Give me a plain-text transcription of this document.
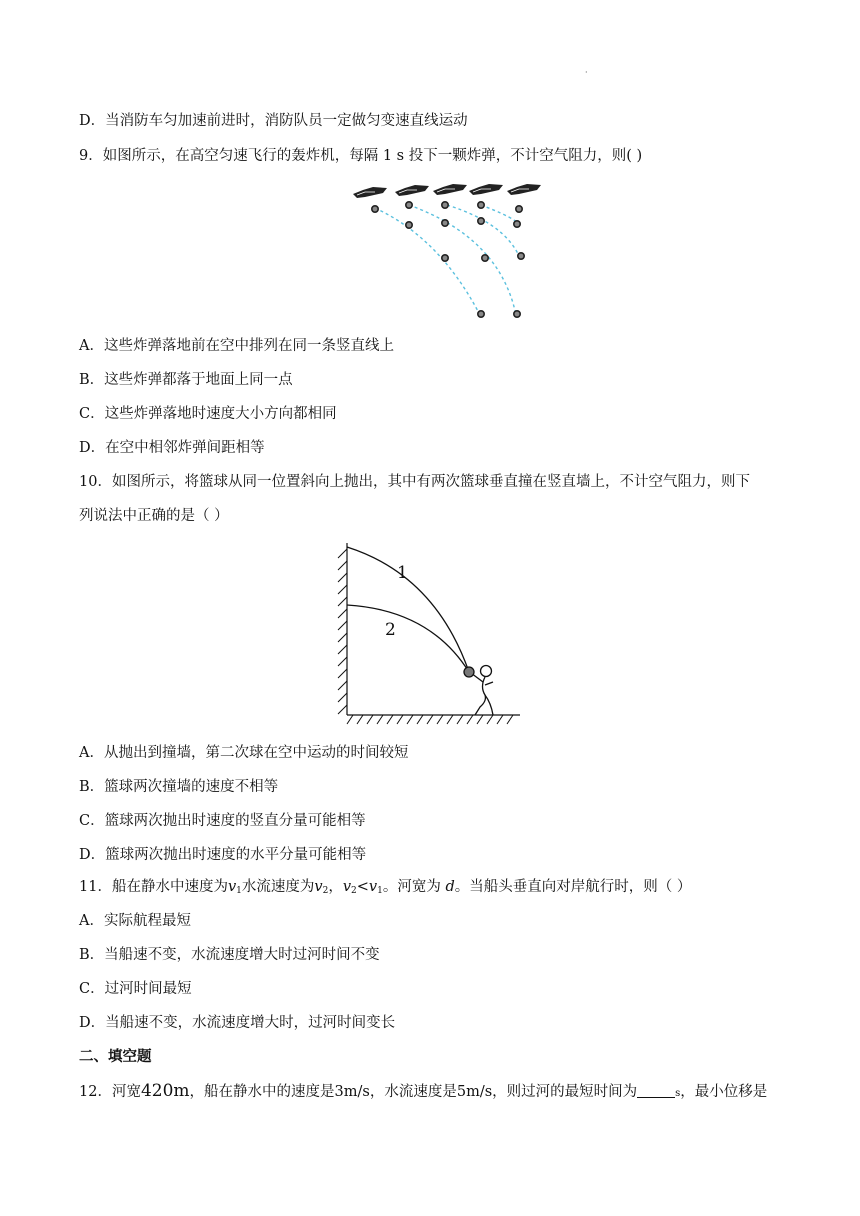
·
D．当消防车匀加速前进时，消防队员一定做匀变速直线运动
9．如图所示，在高空匀速飞行的轰炸机，每隔 1 s 投下一颗炸弹，不计空气阻力，则( )
A．这些炸弹落地前在空中排列在同一条竖直线上
B．这些炸弹都落于地面上同一点
C．这些炸弹落地时速度大小方向都相同
D．在空中相邻炸弹间距相等
10．如图所示，将篮球从同一位置斜向上抛出，其中有两次篮球垂直撞在竖直墙上，不计空气阻力，则下
列说法中正确的是（ ）
1
2
A．从抛出到撞墙，第二次球在空中运动的时间较短
B．篮球两次撞墙的速度不相等
C．篮球两次抛出时速度的竖直分量可能相等
D．篮球两次抛出时速度的水平分量可能相等
11．船在静水中速度为$v_1$水流速度为$v_2$，$v_2<v_1$。河宽为 d。当船头垂直向对岸航行时，则（ ）
A．实际航程最短
B．当船速不变，水流速度增大时过河时间不变
C．过河时间最短
D．当船速不变，水流速度增大时，过河时间变长
二、填空题
12．河宽420m，船在静水中的速度是3m/s，水流速度是5m/s，则过河的最短时间为	s，最小位移是
